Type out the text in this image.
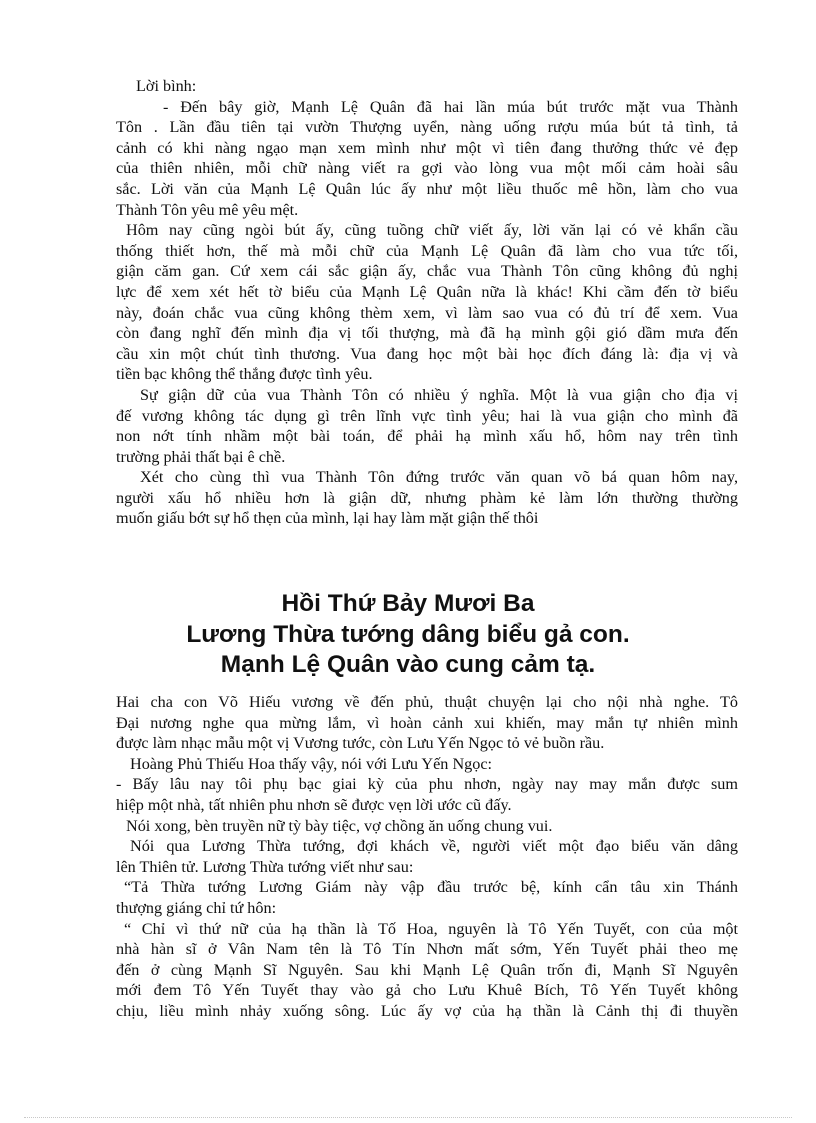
Lời bình:
- Đến bây giờ, Mạnh Lệ Quân đã hai lần múa bút trước mặt vua Thành
Tôn . Lần đầu tiên tại vườn Thượng uyển, nàng uống rượu múa bút tả tình, tả
cảnh có khi nàng ngạo mạn xem mình như một vì tiên đang thưởng thức vẻ đẹp
của thiên nhiên, mỗi chữ nàng viết ra gợi vào lòng vua một mối cảm hoài sâu
sắc. Lời văn của Mạnh Lệ Quân lúc ấy như một liều thuốc mê hồn, làm cho vua
Thành Tôn yêu mê yêu mệt.
Hôm nay cũng ngòi bút ấy, cũng tuồng chữ viết ấy, lời văn lại có vẻ khẩn cầu
thống thiết hơn, thế mà mỗi chữ của Mạnh Lệ Quân đã làm cho vua tức tối,
giận căm gan. Cứ xem cái sắc giận ấy, chắc vua Thành Tôn cũng không đủ nghị
lực để xem xét hết tờ biểu của Mạnh Lệ Quân nữa là khác! Khi cầm đến tờ biểu
này, đoán chắc vua cũng không thèm xem, vì làm sao vua có đủ trí để xem. Vua
còn đang nghĩ đến mình địa vị tối thượng, mà đã hạ mình gội gió dầm mưa đến
cầu xin một chút tình thương. Vua đang học một bài học đích đáng là: địa vị và
tiền bạc không thể thắng được tình yêu.
Sự giận dữ của vua Thành Tôn có nhiều ý nghĩa. Một là vua giận cho địa vị
đế vương không tác dụng gì trên lĩnh vực tình yêu; hai là vua giận cho mình đã
non nớt tính nhầm một bài toán, để phải hạ mình xấu hổ, hôm nay trên tình
trường phải thất bại ê chề.
Xét cho cùng thì vua Thành Tôn đứng trước văn quan võ bá quan hôm nay,
người xấu hổ nhiều hơn là giận dữ, nhưng phàm kẻ làm lớn thường thường
muốn giấu bớt sự hổ thẹn của mình, lại hay làm mặt giận thế thôi
Hồi Thứ Bảy Mươi Ba
Lương Thừa tướng dâng biểu gả con.
Mạnh Lệ Quân vào cung cảm tạ.
Hai cha con Võ Hiếu vương về đến phủ, thuật chuyện lại cho nội nhà nghe. Tô
Đại nương nghe qua mừng lắm, vì hoàn cảnh xui khiến, may mắn tự nhiên mình
được làm nhạc mẫu một vị Vương tước, còn Lưu Yến Ngọc tỏ vẻ buồn rầu.
Hoàng Phủ Thiếu Hoa thấy vậy, nói với Lưu Yến Ngọc:
- Bấy lâu nay tôi phụ bạc giai kỳ của phu nhơn, ngày nay may mắn được sum
hiệp một nhà, tất nhiên phu nhơn sẽ được vẹn lời ước cũ đấy.
Nói xong, bèn truyền nữ tỳ bày tiệc, vợ chồng ăn uống chung vui.
Nói qua Lương Thừa tướng, đợi khách về, người viết một đạo biểu văn dâng
lên Thiên tử. Lương Thừa tướng viết như sau:
“Tả Thừa tướng Lương Giám này vập đầu trước bệ, kính cẩn tâu xin Thánh
thượng giáng chỉ tứ hôn:
“ Chỉ vì thứ nữ của hạ thần là Tố Hoa, nguyên là Tô Yến Tuyết, con của một
nhà hàn sĩ ở Vân Nam tên là Tô Tín Nhơn mất sớm, Yến Tuyết phải theo mẹ
đến ở cùng Mạnh Sĩ Nguyên. Sau khi Mạnh Lệ Quân trốn đi, Mạnh Sĩ Nguyên
mới đem Tô Yến Tuyết thay vào gả cho Lưu Khuê Bích, Tô Yến Tuyết không
chịu, liều mình nhảy xuống sông. Lúc ấy vợ của hạ thần là Cảnh thị đi thuyền
